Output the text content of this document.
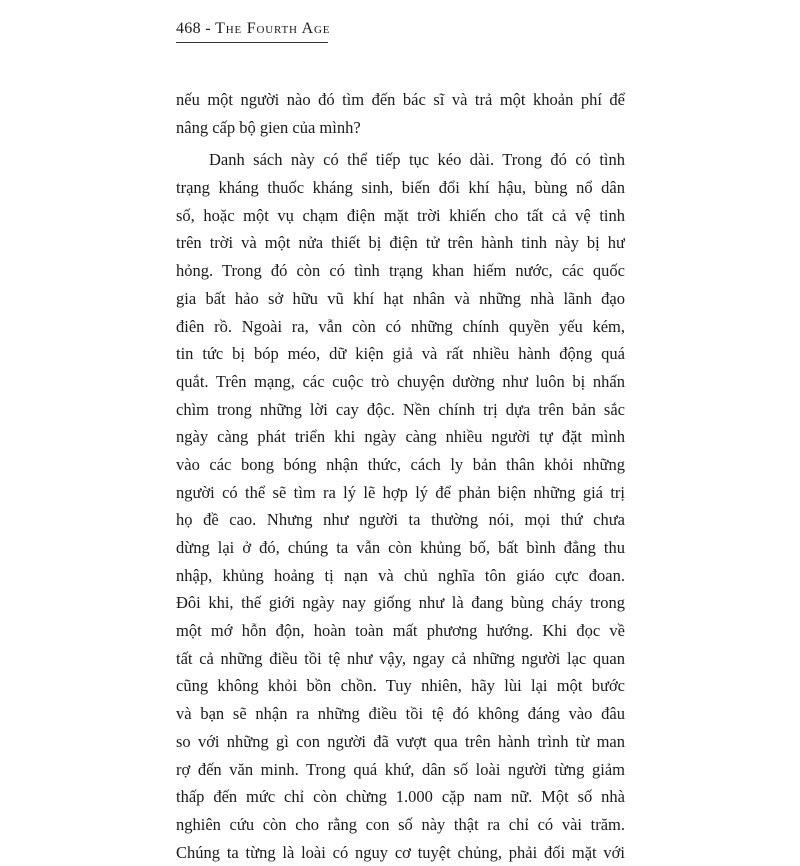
468 - The Fourth Age
nếu một người nào đó tìm đến bác sĩ và trả một khoản phí để
nâng cấp bộ gien của mình?
Danh sách này có thể tiếp tục kéo dài. Trong đó có tình
trạng kháng thuốc kháng sinh, biến đổi khí hậu, bùng nổ dân
số, hoặc một vụ chạm điện mặt trời khiến cho tất cả vệ tinh
trên trời và một nửa thiết bị điện tử trên hành tinh này bị hư
hỏng. Trong đó còn có tình trạng khan hiếm nước, các quốc
gia bất hảo sở hữu vũ khí hạt nhân và những nhà lãnh đạo
điên rồ. Ngoài ra, vẫn còn có những chính quyền yếu kém,
tin tức bị bóp méo, dữ kiện giả và rất nhiều hành động quá
quắt. Trên mạng, các cuộc trò chuyện dường như luôn bị nhấn
chìm trong những lời cay độc. Nền chính trị dựa trên bản sắc
ngày càng phát triển khi ngày càng nhiều người tự đặt mình
vào các bong bóng nhận thức, cách ly bản thân khỏi những
người có thể sẽ tìm ra lý lẽ hợp lý để phản biện những giá trị
họ đề cao. Nhưng như người ta thường nói, mọi thứ chưa
dừng lại ở đó, chúng ta vẫn còn khủng bố, bất bình đẳng thu
nhập, khủng hoảng tị nạn và chủ nghĩa tôn giáo cực đoan.
Đôi khi, thế giới ngày nay giống như là đang bùng cháy trong
một mớ hỗn độn, hoàn toàn mất phương hướng. Khi đọc về
tất cả những điều tồi tệ như vậy, ngay cả những người lạc quan
cũng không khỏi bồn chồn. Tuy nhiên, hãy lùi lại một bước
và bạn sẽ nhận ra những điều tồi tệ đó không đáng vào đâu
so với những gì con người đã vượt qua trên hành trình từ man
rợ đến văn minh. Trong quá khứ, dân số loài người từng giảm
thấp đến mức chỉ còn chừng 1.000 cặp nam nữ. Một số nhà
nghiên cứu còn cho rằng con số này thật ra chỉ có vài trăm.
Chúng ta từng là loài có nguy cơ tuyệt chủng, phải đối mặt với
